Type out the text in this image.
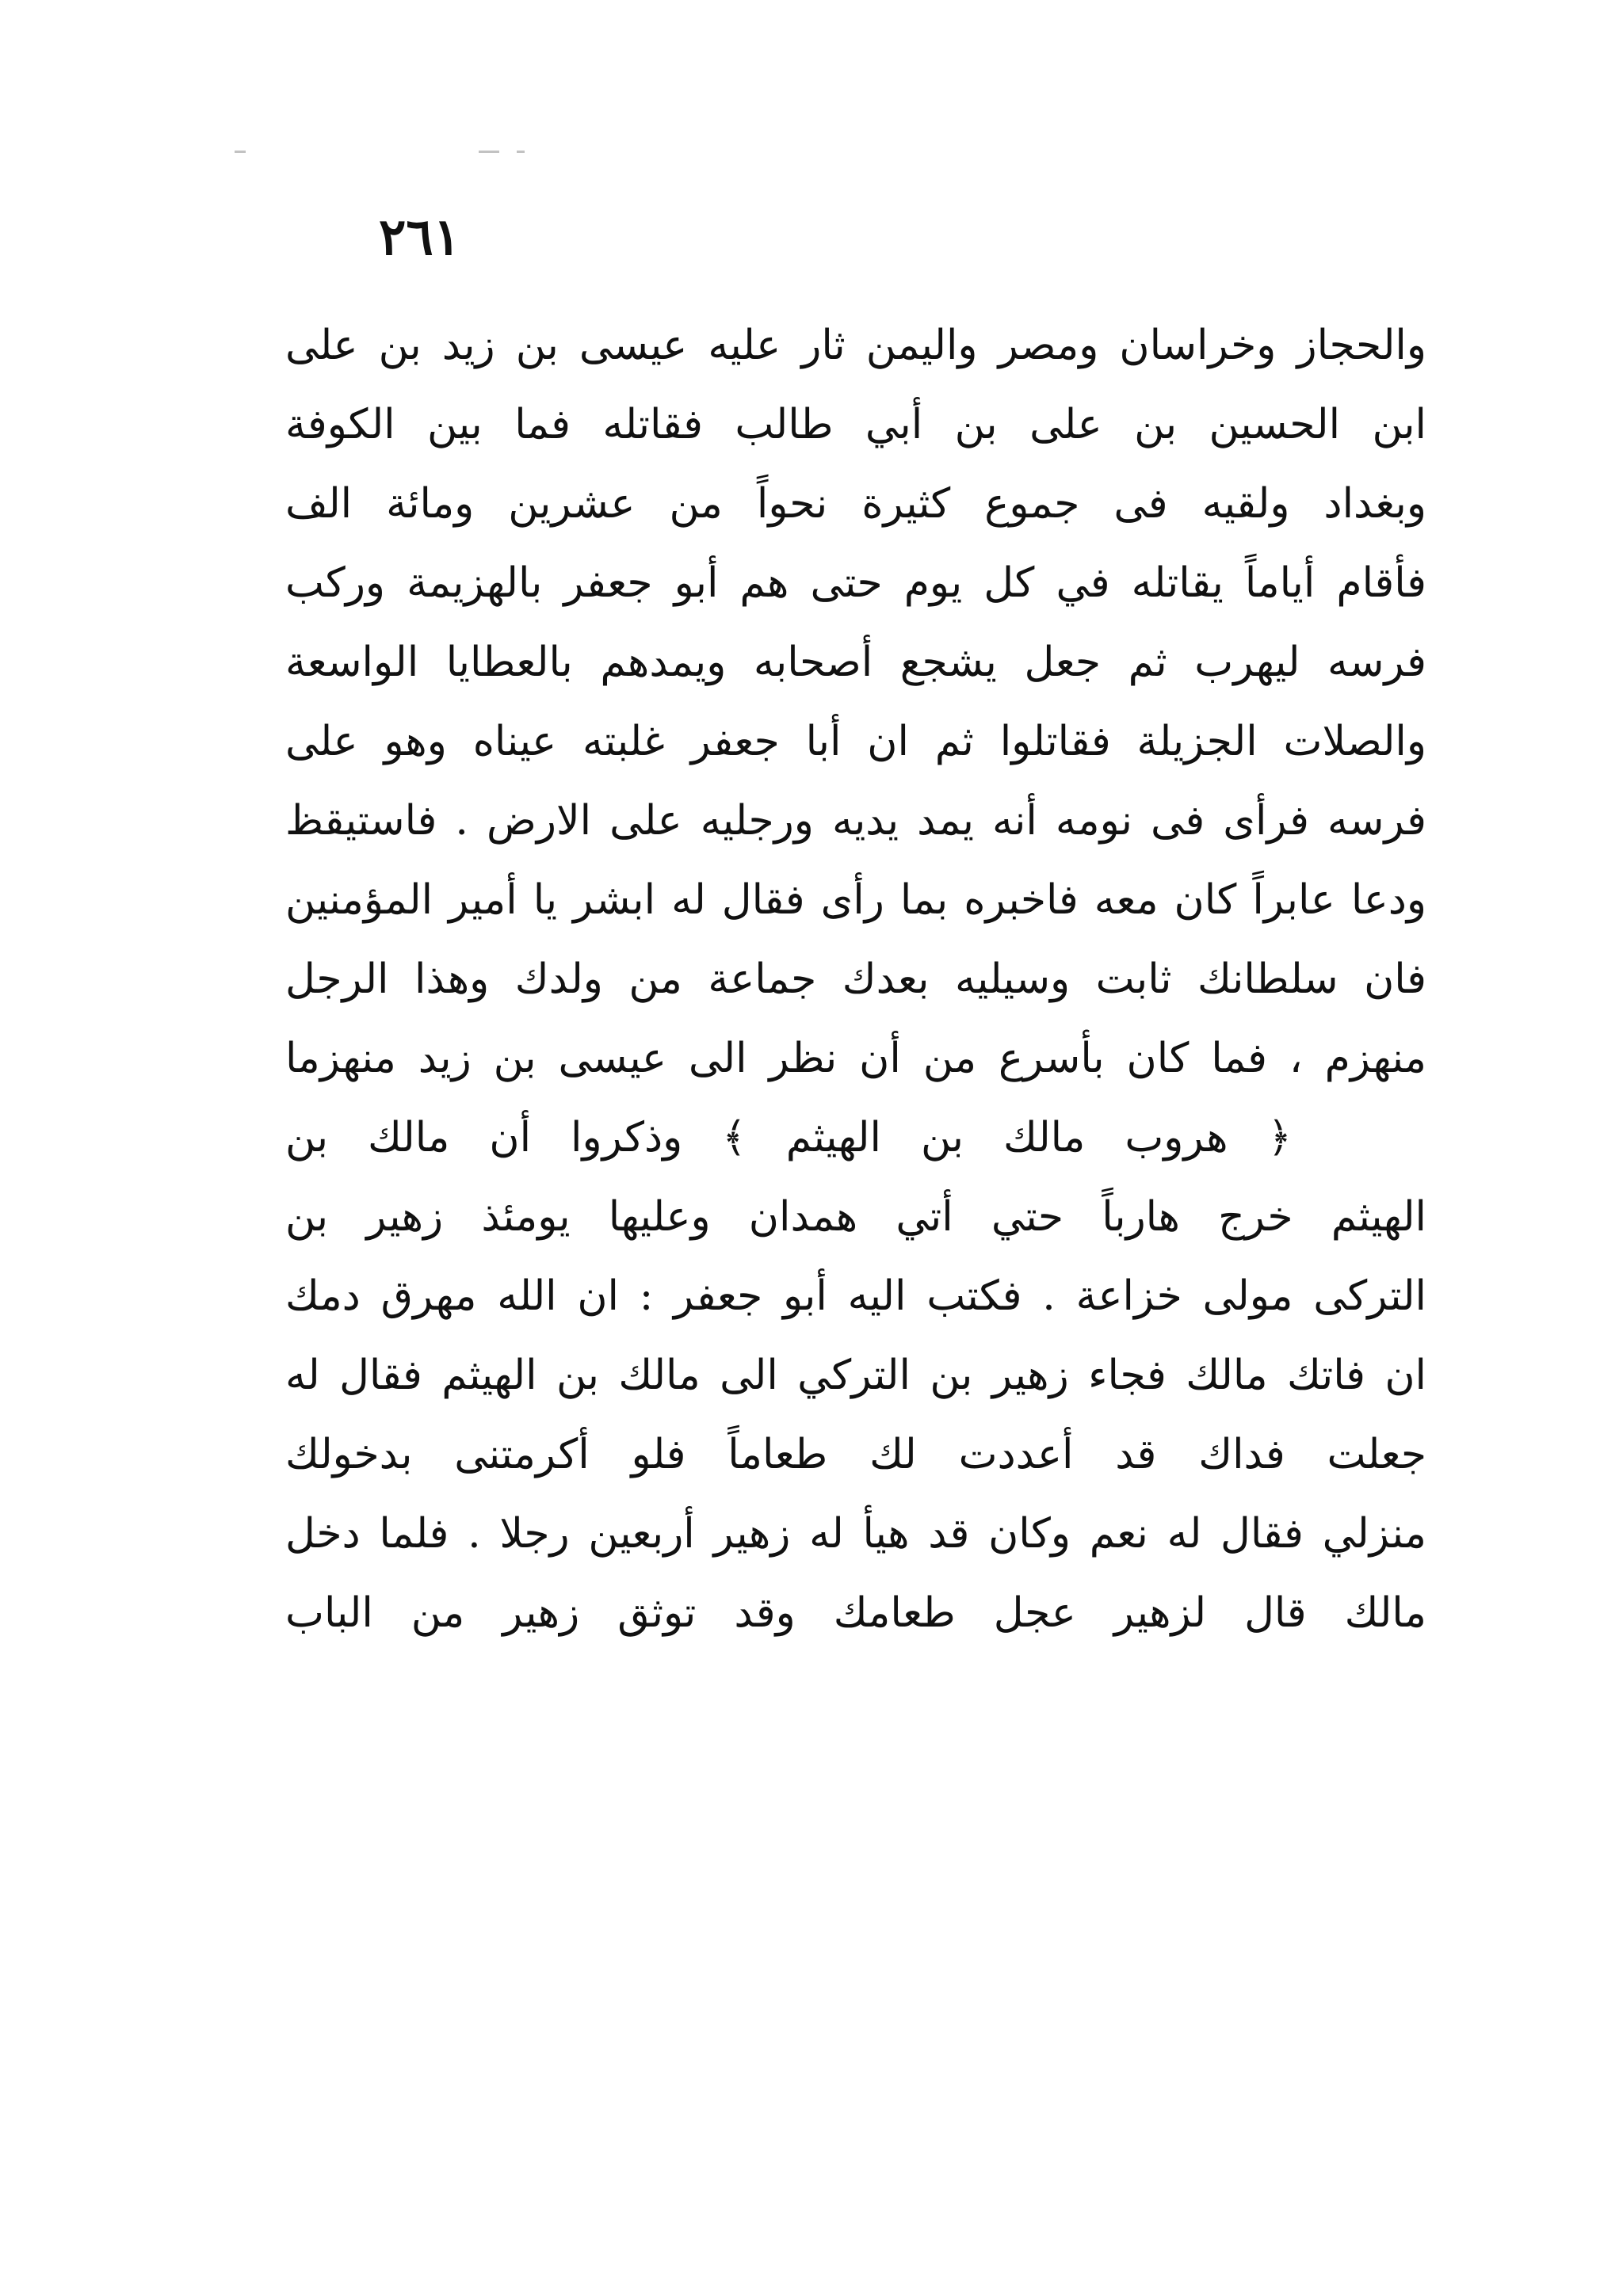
٢٦١
والحجاز وخراسان ومصر واليمن ثار عليه عيسى بن زيد بن على
ابن الحسين بن على بن أبي طالب فقاتله فما بين الكوفة
وبغداد ولقيه فى جموع كثيرة نحواً من عشرين ومائة الف
فأقام أياماً يقاتله في كل يوم حتى هم أبو جعفر بالهزيمة وركب
فرسه ليهرب ثم جعل يشجع أصحابه ويمدهم بالعطايا الواسعة
والصلات الجزيلة فقاتلوا ثم ان أبا جعفر غلبته عيناه وهو على
فرسه فرأى فى نومه أنه يمد يديه ورجليه على الارض . فاستيقظ
ودعا عابراً كان معه فاخبره بما رأى فقال له ابشر يا أمير المؤمنين
فان سلطانك ثابت وسيليه بعدك جماعة من ولدك وهذا الرجل
منهزم ، فما كان بأسرع من أن نظر الى عيسى بن زيد منهزما
﴿ هروب مالك بن الهيثم ﴾ وذكروا أن مالك بن
الهيثم خرج هارباً حتي أتي همدان وعليها يومئذ زهير بن
التركى مولى خزاعة . فكتب اليه أبو جعفر : ان الله مهرق دمك
ان فاتك مالك فجاء زهير بن التركي الى مالك بن الهيثم فقال له
جعلت فداك قد أعددت لك طعاماً فلو أكرمتنى بدخولك
منزلي فقال له نعم وكان قد هيأ له زهير أربعين رجلا . فلما دخل
مالك قال لزهير عجل طعامك وقد توثق زهير من الباب
